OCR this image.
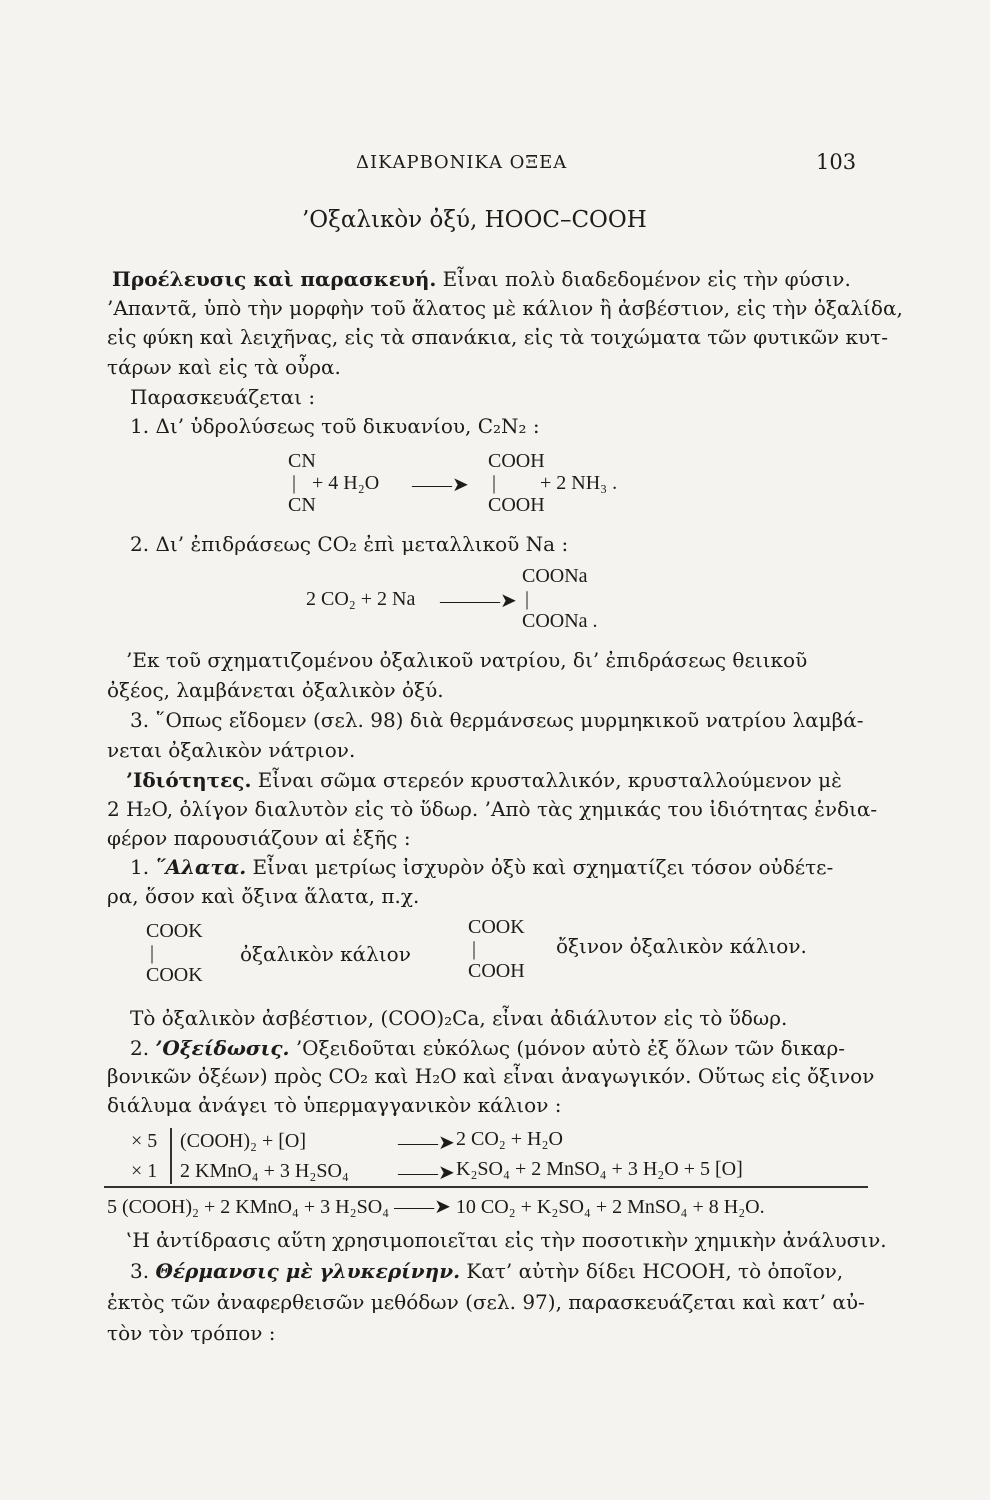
ΔΙΚΑΡΒΟΝΙΚΑ ΟΞΕΑ	103
’Οξαλικὸν ὀξύ, HOOC–COOH
Προέλευσις καὶ παρασκευή. Εἶναι πολὺ διαδεδομένον εἰς τὴν φύσιν.
’Απαντᾶ, ὑπὸ τὴν μορφὴν τοῦ ἅλατος μὲ κάλιον ἢ ἀσβέστιον, εἰς τὴν ὀξαλίδα,
εἰς φύκη καὶ λειχῆνας, εἰς τὰ σπανάκια, εἰς τὰ τοιχώματα τῶν φυτικῶν κυτ-
τάρων καὶ εἰς τὰ οὖρα.
Παρασκευάζεται :
1. Δι’ ὑδρολύσεως τοῦ δικυανίου, C₂N₂ :
CN
|
CN
+ 4 H₂O ——➤
COOH
|
COOH
+ 2 NH₃ .
2. Δι’ ἐπιδράσεως CO₂ ἐπὶ μεταλλικοῦ Na :
COONa
2 CO₂ + 2 Na ———➤ |
COONa .
’Εκ τοῦ σχηματιζομένου ὀξαλικοῦ νατρίου, δι’ ἐπιδράσεως θειικοῦ
ὀξέος, λαμβάνεται ὀξαλικὸν ὀξύ.
3. ῞Οπως εἴδομεν (σελ. 98) διὰ θερμάνσεως μυρμηκικοῦ νατρίου λαμβά-
νεται ὀξαλικὸν νάτριον.
’Ιδιότητες. Εἶναι σῶμα στερεόν κρυσταλλικόν, κρυσταλλούμενον μὲ
2 H₂O, ὀλίγον διαλυτὸν εἰς τὸ ὕδωρ. ’Απὸ τὰς χημικάς του ἰδιότητας ἐνδια-
φέρον παρουσιάζουν αἱ ἑξῆς :
1. ῞Αλατα. Εἶναι μετρίως ἰσχυρὸν ὀξὺ καὶ σχηματίζει τόσον οὐδέτε-
ρα, ὅσον καὶ ὄξινα ἅλατα, π.χ.
COOK
|
COOK
ὀξαλικὸν κάλιον
COOK
|
COOH
ὄξινον ὀξαλικὸν κάλιον.
Τὸ ὀξαλικὸν ἀσβέστιον, (COO)₂Ca, εἶναι ἀδιάλυτον εἰς τὸ ὕδωρ.
2. ’Οξείδωσις. ’Οξειδοῦται εὐκόλως (μόνον αὐτὸ ἐξ ὅλων τῶν δικαρ-
βονικῶν ὀξέων) πρὸς CO₂ καὶ H₂O καὶ εἶναι ἀναγωγικόν. Οὕτως εἰς ὄξινον
διάλυμα ἀνάγει τὸ ὑπερμαγγανικὸν κάλιον :
× 5 (COOH)₂ + [O]	——➤ 2 CO₂ + H₂O
× 1 2 KMnO₄ + 3 H₂SO₄ ——➤ K₂SO₄ + 2 MnSO₄ + 3 H₂O + 5 [O]
5 (COOH)₂ + 2 KMnO₄ + 3 H₂SO₄ ——➤ 10 CO₂ + K₂SO₄ + 2 MnSO₄ + 8 H₂O.
‛Η ἀντίδρασις αὕτη χρησιμοποιεῖται εἰς τὴν ποσοτικὴν χημικὴν ἀνάλυσιν.
3. Θέρμανσις μὲ γλυκερίνην. Κατ’ αὐτὴν δίδει HCOOH, τὸ ὁποῖον,
ἐκτὸς τῶν ἀναφερθεισῶν μεθόδων (σελ. 97), παρασκευάζεται καὶ κατ’ αὐ-
τὸν τὸν τρόπον :
